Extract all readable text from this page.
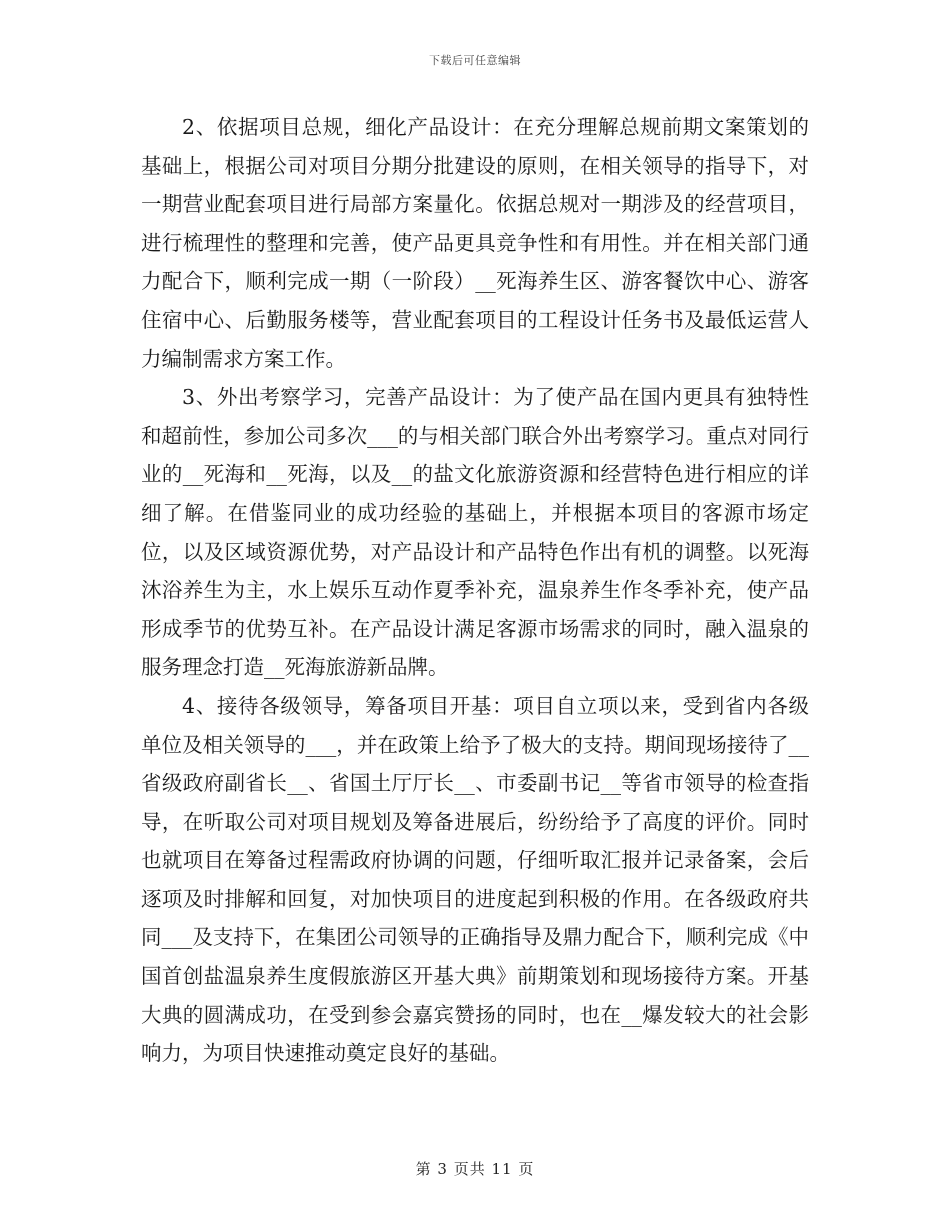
下载后可任意编辑

2、依据项目总规，细化产品设计：在充分理解总规前期文案策划的基础上，根据公司对项目分期分批建设的原则，在相关领导的指导下，对一期营业配套项目进行局部方案量化。依据总规对一期涉及的经营项目，进行梳理性的整理和完善，使产品更具竞争性和有用性。并在相关部门通力配合下，顺利完成一期（一阶段）__死海养生区、游客餐饮中心、游客住宿中心、后勤服务楼等，营业配套项目的工程设计任务书及最低运营人力编制需求方案工作。

3、外出考察学习，完善产品设计：为了使产品在国内更具有独特性和超前性，参加公司多次___的与相关部门联合外出考察学习。重点对同行业的__死海和__死海，以及__的盐文化旅游资源和经营特色进行相应的详细了解。在借鉴同业的成功经验的基础上，并根据本项目的客源市场定位，以及区域资源优势，对产品设计和产品特色作出有机的调整。以死海沐浴养生为主，水上娱乐互动作夏季补充，温泉养生作冬季补充，使产品形成季节的优势互补。在产品设计满足客源市场需求的同时，融入温泉的服务理念打造__死海旅游新品牌。

4、接待各级领导，筹备项目开基：项目自立项以来，受到省内各级单位及相关领导的___，并在政策上给予了极大的支持。期间现场接待了__省级政府副省长__、省国土厅厅长__、市委副书记__等省市领导的检查指导，在听取公司对项目规划及筹备进展后，纷纷给予了高度的评价。同时也就项目在筹备过程需政府协调的问题，仔细听取汇报并记录备案，会后逐项及时排解和回复，对加快项目的进度起到积极的作用。在各级政府共同___及支持下，在集团公司领导的正确指导及鼎力配合下，顺利完成《中国首创盐温泉养生度假旅游区开基大典》前期策划和现场接待方案。开基大典的圆满成功，在受到参会嘉宾赞扬的同时，也在__爆发较大的社会影响力，为项目快速推动奠定良好的基础。

第 3 页共 11 页
